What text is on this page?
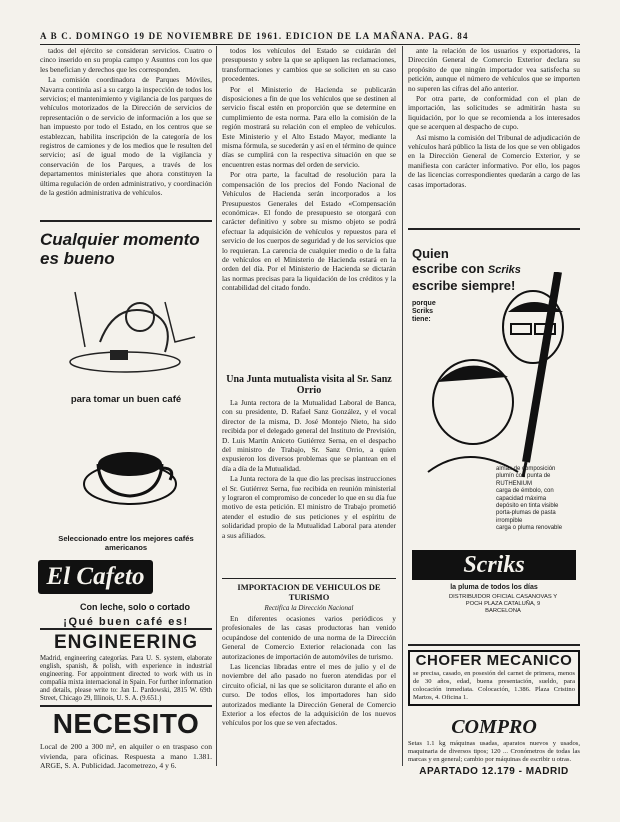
A B C. DOMINGO 19 DE NOVIEMBRE DE 1961. EDICION DE LA MAÑANA. PAG. 84

tados del ejército se consideran servicios. Cuatro o cinco inserido en su propia campo y Asuntos con los que les benefician y derechos que les corresponden.

La comisión coordinadora de Parques Móviles, Navarra continúa así a su cargo la inspección de todos los servicios; el mantenimiento y vigilancia de los parques de vehículos motorizados de la Dirección de servicios de representación o de servicio de información a los que se han impuesto por todo el Estado, en los centros que se establezcan, habilita inscripción de la categoría de los registros de camiones y de los medios que le resulten del servicio; así de igual modo de la vigilancia y conservación de los Parques, a través de los departamentos ministeriales que ahora constituyen la última regulación de orden administrativo, y coordinación de la gestión administrativa de vehículos.

Cualquier momento es bueno
para tomar un buen café
Seleccionado entre los mejores cafés americanos
El Cafeto
Con leche, solo o cortado
¡Qué buen café es!
ENGINEERING
Madrid, engineering categorías. Para U. S. system, elaborate english, spanish, & polish, with experience in industrial engineering. For appointment directed to work with us in compañía mixta internacional in Spain. For further information and details, please write to: Jan L. Pardowski, 2815 W. 69th Street, Chicago 29, Illinois, U. S. A. (9.651.)
NECESITO
Local de 200 a 300 m², en alquiler o en traspaso con vivienda, para oficinas. Respuesta a mano 1.381. ARGE, S. A. Publicidad. Jacometrezo, 4 y 6.

todos los vehículos del Estado se cuidarán del presupuesto y sobre la que se apliquen las reclamaciones, transformaciones y cambios que se soliciten en su caso procedentes.

Por el Ministerio de Hacienda se publicarán disposiciones a fin de que los vehículos que se destinen al servicio fiscal estén en proporción que se determine en cumplimiento de esta norma. Para ello la comisión de la región mostrará su relación con el empleo de vehículos. Este Ministerio y el Alto Estado Mayor, mediante la misma fórmula, se sucederán y así en el término de quince días se cumplirá con la respectiva situación en que se encuentren estas normas del orden de servicio.

Por otra parte, la facultad de resolución para la compensación de los precios del Fondo Nacional de Vehículos de Hacienda serán incorporados a los Presupuestos Generales del Estado «Compensación económica». El fondo de presupuesto se otorgará con carácter definitivo y sobre su mismo objeto se podrá efectuar la adquisición de vehículos y repuestos para el servicio de los cuerpos de seguridad y de los servicios que lo requieran. La carencia de cualquier medio o de la falta de vehículos en el Ministerio de Hacienda estará en la orden del día. Por el Ministerio de Hacienda se dictarán las normas precisas para la liquidación de los créditos y la contabilidad del citado fondo.

Una Junta mutualista visita al Sr. Sanz Orrio

La Junta rectora de la Mutualidad Laboral de Banca, con su presidente, D. Rafael Sanz González, y el vocal director de la misma, D. José Montejo Nieto, ha sido recibida por el delegado general del Instituto de Previsión, D. Luis Martín Aniceto Gutiérrez Serna, en el despacho del ministro de Trabajo, Sr. Sanz Orrio, a quien expusieron los diversos problemas que se plantean en el día a día de la Mutualidad.

La Junta rectora de la que dio las precisas instrucciones el Sr. Gutiérrez Serna, fue recibida en reunión ministerial y lograron el compromiso de conceder lo que en su día fue motivo de esta petición. El ministro de Trabajo prometió atender el estudio de sus peticiones y el espíritu de solidaridad propio de la Mutualidad Laboral para atender a sus afiliados.

IMPORTACION DE VEHICULOS DE TURISMO
Rectifica la Dirección Nacional

En diferentes ocasiones varios periódicos y profesionales de las casas productoras han venido ocupándose del contenido de una norma de la Dirección General de Comercio Exterior relacionada con las autorizaciones de importación de automóviles de turismo.

Las licencias libradas entre el mes de julio y el de noviembre del año pasado no fueron atendidas por el circuito oficial, ni las que se solicitaron durante el año en curso. De todos ellos, los importadores han sido autorizados mediante la Dirección General de Comercio Exterior a los efectos de la adquisición de los nuevos vehículos por los que se ven afectados.

ante la relación de los usuarios y exportadores, la Dirección General de Comercio Exterior declara su propósito de que ningún importador vea satisfecha su petición, aunque el número de vehículos que se importen no superen las cifras del año anterior.

Por otra parte, de conformidad con el plan de importación, las solicitudes se admitirán hasta su liquidación, por lo que se recomienda a los interesados que se acerquen al despacho de cupo.

Así mismo la comisión del Tribunal de adjudicación de vehículos hará público la lista de los que se ven obligados en la Dirección General de Comercio Exterior, y se manifiesta con carácter informativo. Por ello, los pagos de las licencias correspondientes quedarán a cargo de las casas importadoras.

Quien
escribe con Scriks
escribe siempre!
porque Scriks tiene:
almas de composición
plumín con punta de RUTHENIUM
carga de émbolo, con capacidad máxima
depósito en tinta visible
porta-plumas de pasta irrompible
carga o pluma renovable
Scriks
la pluma de todos los días
DISTRIBUIDOR OFICIAL CASANOVAS Y POCH PLAZA CATALUÑA, 9 BARCELONA
CHOFER MECANICO
se precisa, casado, en posesión del carnet de primera, menos de 30 años, edad, buena presentación, sueldo, para colocación inmediata. Colocación, 1.386. Plaza Cristino Martos, 4. Oficina 1.
COMPRO
Setas 1.1 kg máquinas usadas, aparatos nuevos y usados, maquinaria de diversos tipos; 120 ... Cronómetros de todas las marcas y en general; cambio por máquinas de escribir u otras.
APARTADO 12.179 - MADRID
